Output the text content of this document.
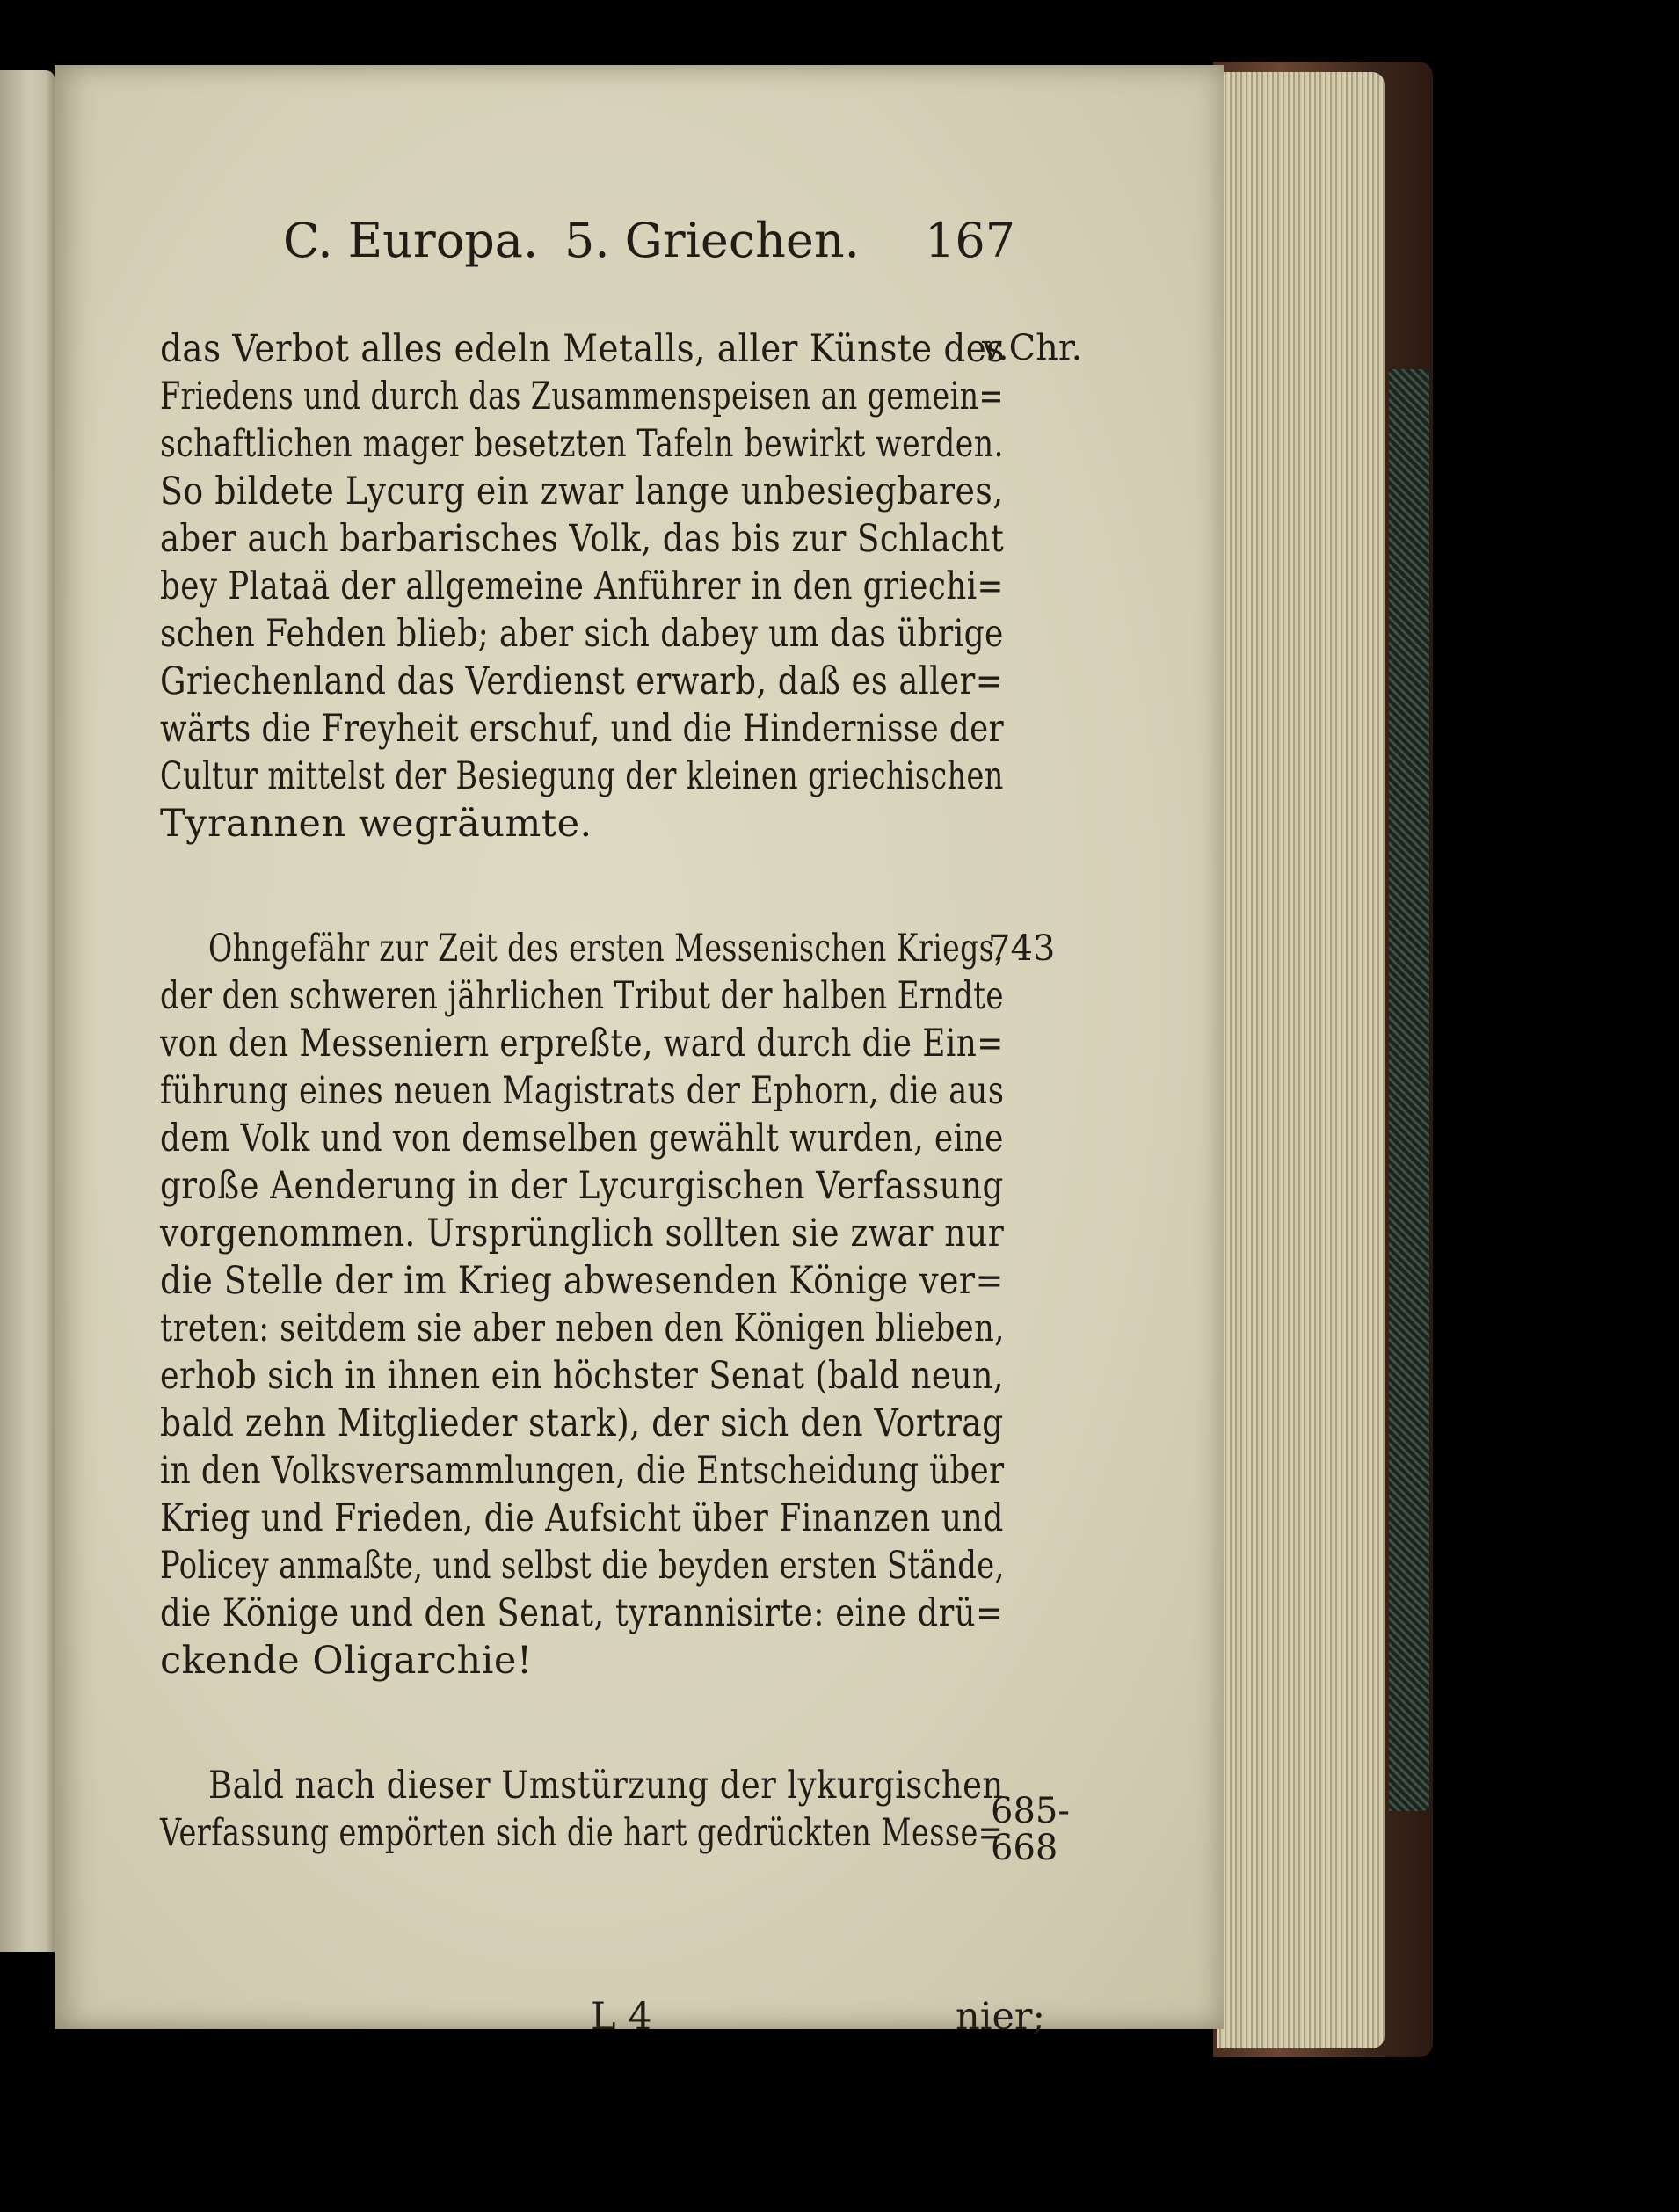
C. Europa. 5. Griechen. 167
das Verbot alles edeln Metalls, aller Künste des
Friedens und durch das Zusammenspeisen an gemein=
schaftlichen mager besetzten Tafeln bewirkt werden.
So bildete Lycurg ein zwar lange unbesiegbares,
aber auch barbarisches Volk, das bis zur Schlacht
bey Plataä der allgemeine Anführer in den griechi=
schen Fehden blieb; aber sich dabey um das übrige
Griechenland das Verdienst erwarb, daß es aller=
wärts die Freyheit erschuf, und die Hindernisse der
Cultur mittelst der Besiegung der kleinen griechischen
Tyrannen wegräumte.
Ohngefähr zur Zeit des ersten Messenischen Kriegs,
der den schweren jährlichen Tribut der halben Erndte
von den Messeniern erpreßte, ward durch die Ein=
führung eines neuen Magistrats der Ephorn, die aus
dem Volk und von demselben gewählt wurden, eine
große Aenderung in der Lycurgischen Verfassung
vorgenommen. Ursprünglich sollten sie zwar nur
die Stelle der im Krieg abwesenden Könige ver=
treten: seitdem sie aber neben den Königen blieben,
erhob sich in ihnen ein höchster Senat (bald neun,
bald zehn Mitglieder stark), der sich den Vortrag
in den Volksversammlungen, die Entscheidung über
Krieg und Frieden, die Aufsicht über Finanzen und
Policey anmaßte, und selbst die beyden ersten Stände,
die Könige und den Senat, tyrannisirte: eine drü=
ckende Oligarchie!
Bald nach dieser Umstürzung der lykurgischen
Verfassung empörten sich die hart gedrückten Messe=
v.Chr.
743
685-
668
L 4	nier;
